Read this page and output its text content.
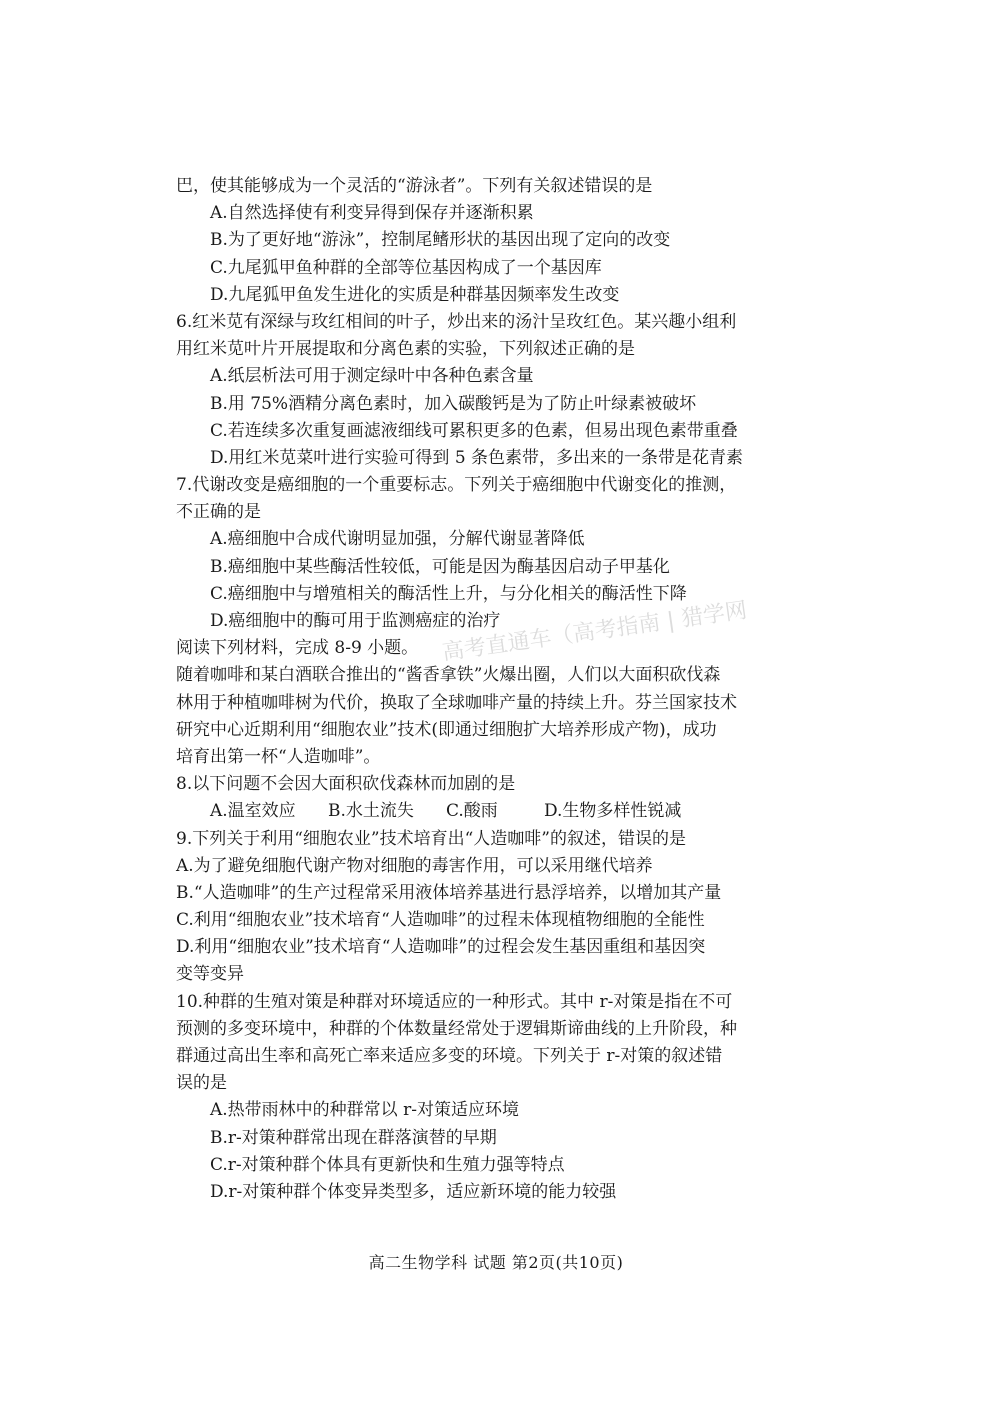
巴，使其能够成为一个灵活的“游泳者”。下列有关叙述错误的是
A.自然选择使有利变异得到保存并逐渐积累
B.为了更好地“游泳”，控制尾鳍形状的基因出现了定向的改变
C.九尾狐甲鱼种群的全部等位基因构成了一个基因库
D.九尾狐甲鱼发生进化的实质是种群基因频率发生改变
6.红米苋有深绿与玫红相间的叶子，炒出来的汤汁呈玫红色。某兴趣小组利
用红米苋叶片开展提取和分离色素的实验，下列叙述正确的是
A.纸层析法可用于测定绿叶中各种色素含量
B.用 75%酒精分离色素时，加入碳酸钙是为了防止叶绿素被破坏
C.若连续多次重复画滤液细线可累积更多的色素，但易出现色素带重叠
D.用红米苋菜叶进行实验可得到 5 条色素带，多出来的一条带是花青素
7.代谢改变是癌细胞的一个重要标志。下列关于癌细胞中代谢变化的推测，
不正确的是
A.癌细胞中合成代谢明显加强，分解代谢显著降低
B.癌细胞中某些酶活性较低，可能是因为酶基因启动子甲基化
C.癌细胞中与增殖相关的酶活性上升，与分化相关的酶活性下降
D.癌细胞中的酶可用于监测癌症的治疗
阅读下列材料，完成 8-9 小题。
随着咖啡和某白酒联合推出的“酱香拿铁”火爆出圈，人们以大面积砍伐森
林用于种植咖啡树为代价，换取了全球咖啡产量的持续上升。芬兰国家技术
研究中心近期利用“细胞农业”技术(即通过细胞扩大培养形成产物)，成功
培育出第一杯“人造咖啡”。
8.以下问题不会因大面积砍伐森林而加剧的是
A.温室效应	B.水土流失	C.酸雨	D.生物多样性锐减
9.下列关于利用“细胞农业”技术培育出“人造咖啡”的叙述，错误的是
A.为了避免细胞代谢产物对细胞的毒害作用，可以采用继代培养
B.“人造咖啡”的生产过程常采用液体培养基进行悬浮培养，以增加其产量
C.利用“细胞农业”技术培育“人造咖啡”的过程未体现植物细胞的全能性
D.利用“细胞农业”技术培育“人造咖啡”的过程会发生基因重组和基因突
变等变异
10.种群的生殖对策是种群对环境适应的一种形式。其中 r-对策是指在不可
预测的多变环境中，种群的个体数量经常处于逻辑斯谛曲线的上升阶段，种
群通过高出生率和高死亡率来适应多变的环境。下列关于 r-对策的叙述错
误的是
A.热带雨林中的种群常以 r-对策适应环境
B.r-对策种群常出现在群落演替的早期
C.r-对策种群个体具有更新快和生殖力强等特点
D.r-对策种群个体变异类型多，适应新环境的能力较强
高考直通车（高考指南 | 猎学网
高二生物学科 试题 第2页(共10页)
